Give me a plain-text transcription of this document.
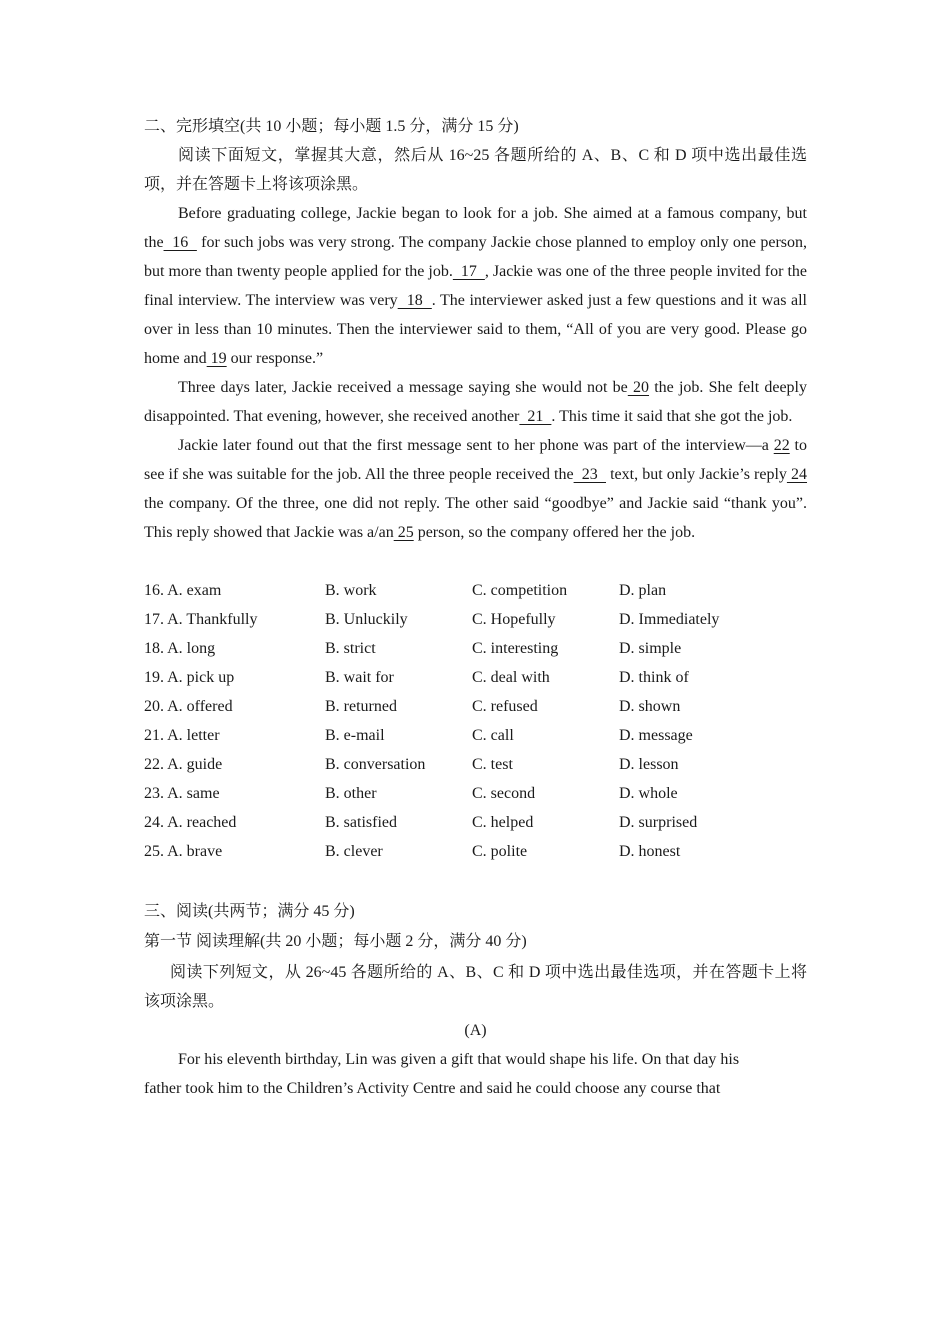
二、完形填空(共 10 小题；每小题 1.5 分，满分 15 分)

阅读下面短文，掌握其大意，然后从 16~25 各题所给的 A、B、C 和 D 项中选出最佳选项，并在答题卡上将该项涂黑。

Before graduating college, Jackie began to look for a job. She aimed at a famous company, but the  16   for such jobs was very strong. The company Jackie chose planned to employ only one person, but more than twenty people applied for the job.  17  , Jackie was one of the three people invited for the final interview. The interview was very  18  . The interviewer asked just a few questions and it was all over in less than 10 minutes. Then the interviewer said to them, “All of you are very good. Please go home and 19 our response.”

Three days later, Jackie received a message saying she would not be 20 the job. She felt deeply disappointed. That evening, however, she received another  21  . This time it said that she got the job.

Jackie later found out that the first message sent to her phone was part of the interview—a 22 to see if she was suitable for the job. All the three people received the  23   text, but only Jackie’s reply 24 the company. Of the three, one did not reply. The other said “goodbye” and Jackie said “thank you”. This reply showed that Jackie was a/an 25 person, so the company offered her the job.

16. A. exam	B. work	C. competition	D. plan
17. A. Thankfully	B. Unluckily	C. Hopefully	D. Immediately
18. A. long	B. strict	C. interesting	D. simple
19. A. pick up	B. wait for	C. deal with	D. think of
20. A. offered	B. returned	C. refused	D. shown
21. A. letter	B. e-mail	C. call	D. message
22. A. guide	B. conversation	C. test	D. lesson
23. A. same	B. other	C. second	D. whole
24. A. reached	B. satisfied	C. helped	D. surprised
25. A. brave	B. clever	C. polite	D. honest

三、阅读(共两节；满分 45 分)

第一节 阅读理解(共 20 小题；每小题 2 分，满分 40 分)

阅读下列短文，从 26~45 各题所给的 A、B、C 和 D 项中选出最佳选项，并在答题卡上将该项涂黑。

(A)

For his eleventh birthday, Lin was given a gift that would shape his life. On that day his

father took him to the Children’s Activity Centre and said he could choose any course that
